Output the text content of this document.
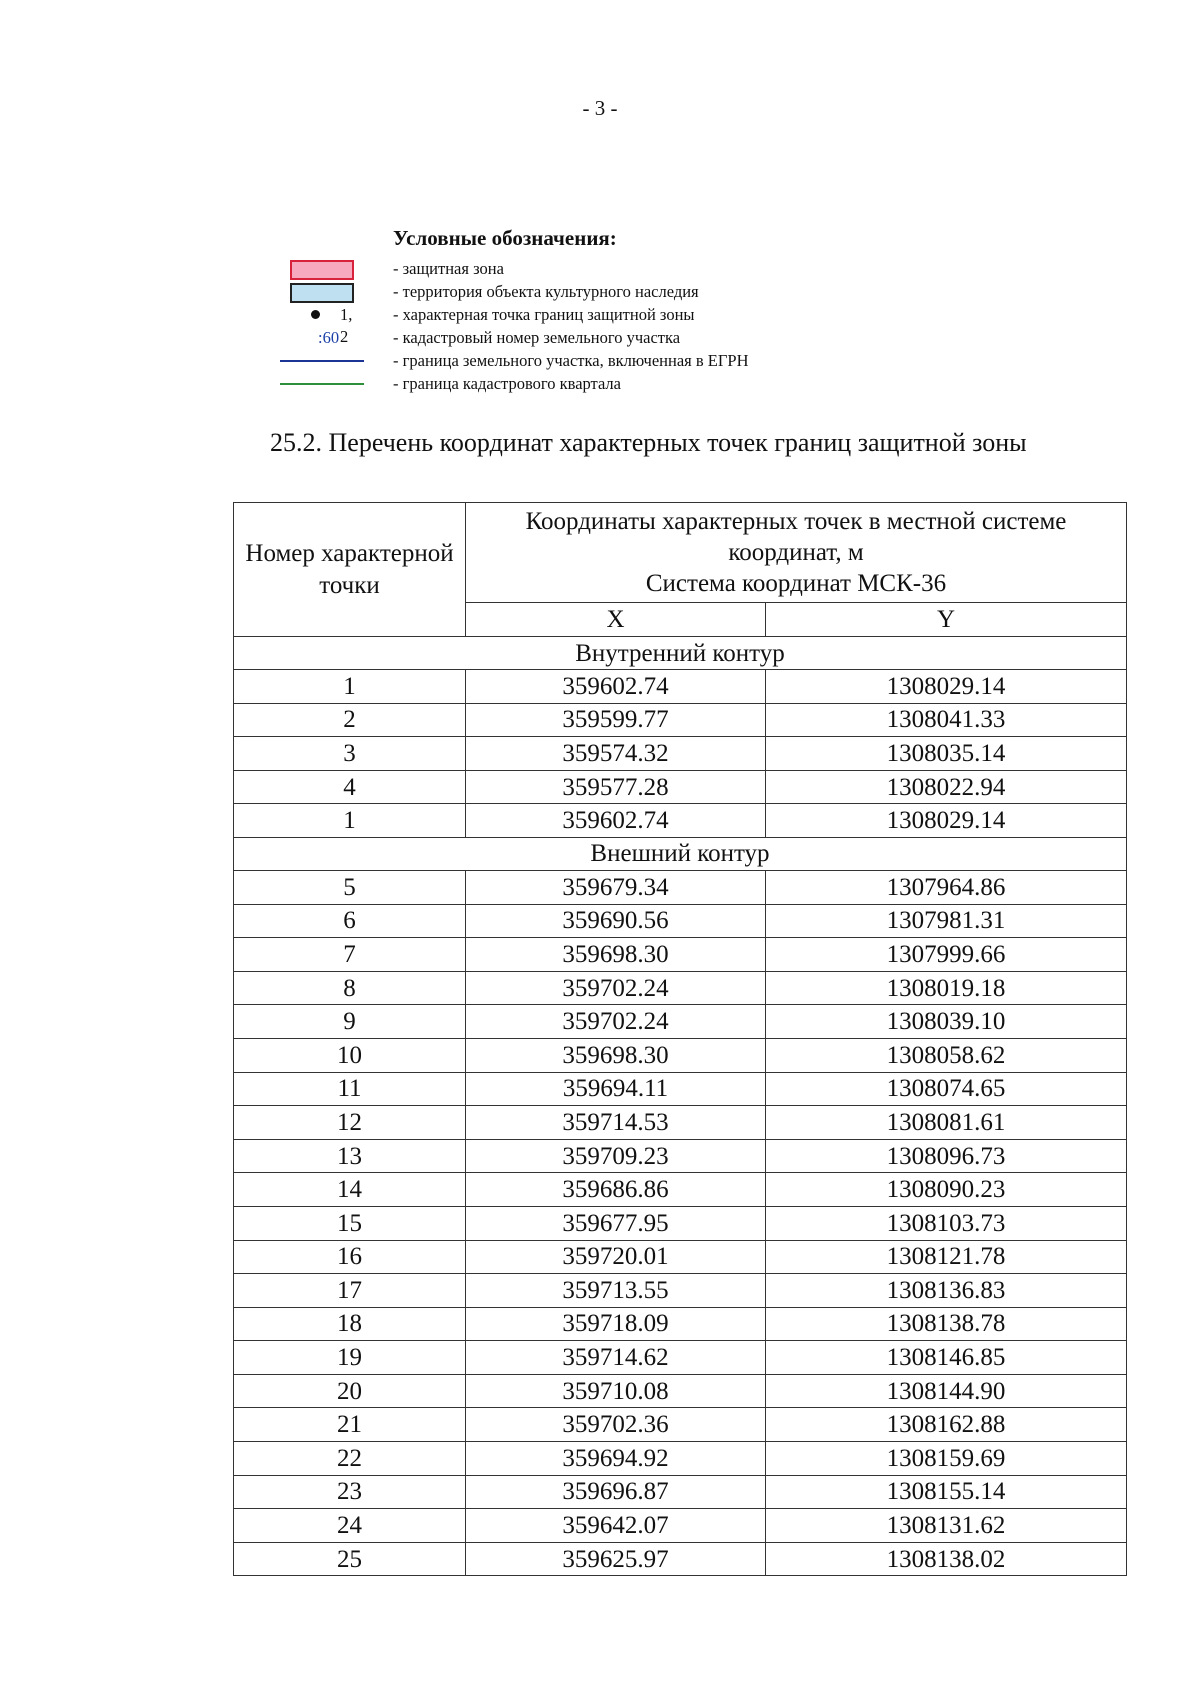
- 3 -
Условные обозначения:
- защитная зона
- территория объекта культурного наследия
1, 2
- характерная точка границ защитной зоны
:60	- кадастровый номер земельного участка
- граница земельного участка, включенная в ЕГРН
- граница кадастрового квартала
25.2. Перечень координат характерных точек границ защитной зоны
Номер характерной точки	Координаты характерных точек в местной системе координат, м
Система координат МСК-36	

	X	Y
Внутренний контур		
1	359602.74	1308029.14
2	359599.77	1308041.33
3	359574.32	1308035.14
4	359577.28	1308022.94
1	359602.74	1308029.14
Внешний контур		
5	359679.34	1307964.86
6	359690.56	1307981.31
7	359698.30	1307999.66
8	359702.24	1308019.18
9	359702.24	1308039.10
10	359698.30	1308058.62
11	359694.11	1308074.65
12	359714.53	1308081.61
13	359709.23	1308096.73
14	359686.86	1308090.23
15	359677.95	1308103.73
16	359720.01	1308121.78
17	359713.55	1308136.83
18	359718.09	1308138.78
19	359714.62	1308146.85
20	359710.08	1308144.90
21	359702.36	1308162.88
22	359694.92	1308159.69
23	359696.87	1308155.14
24	359642.07	1308131.62
25	359625.97	1308138.02
